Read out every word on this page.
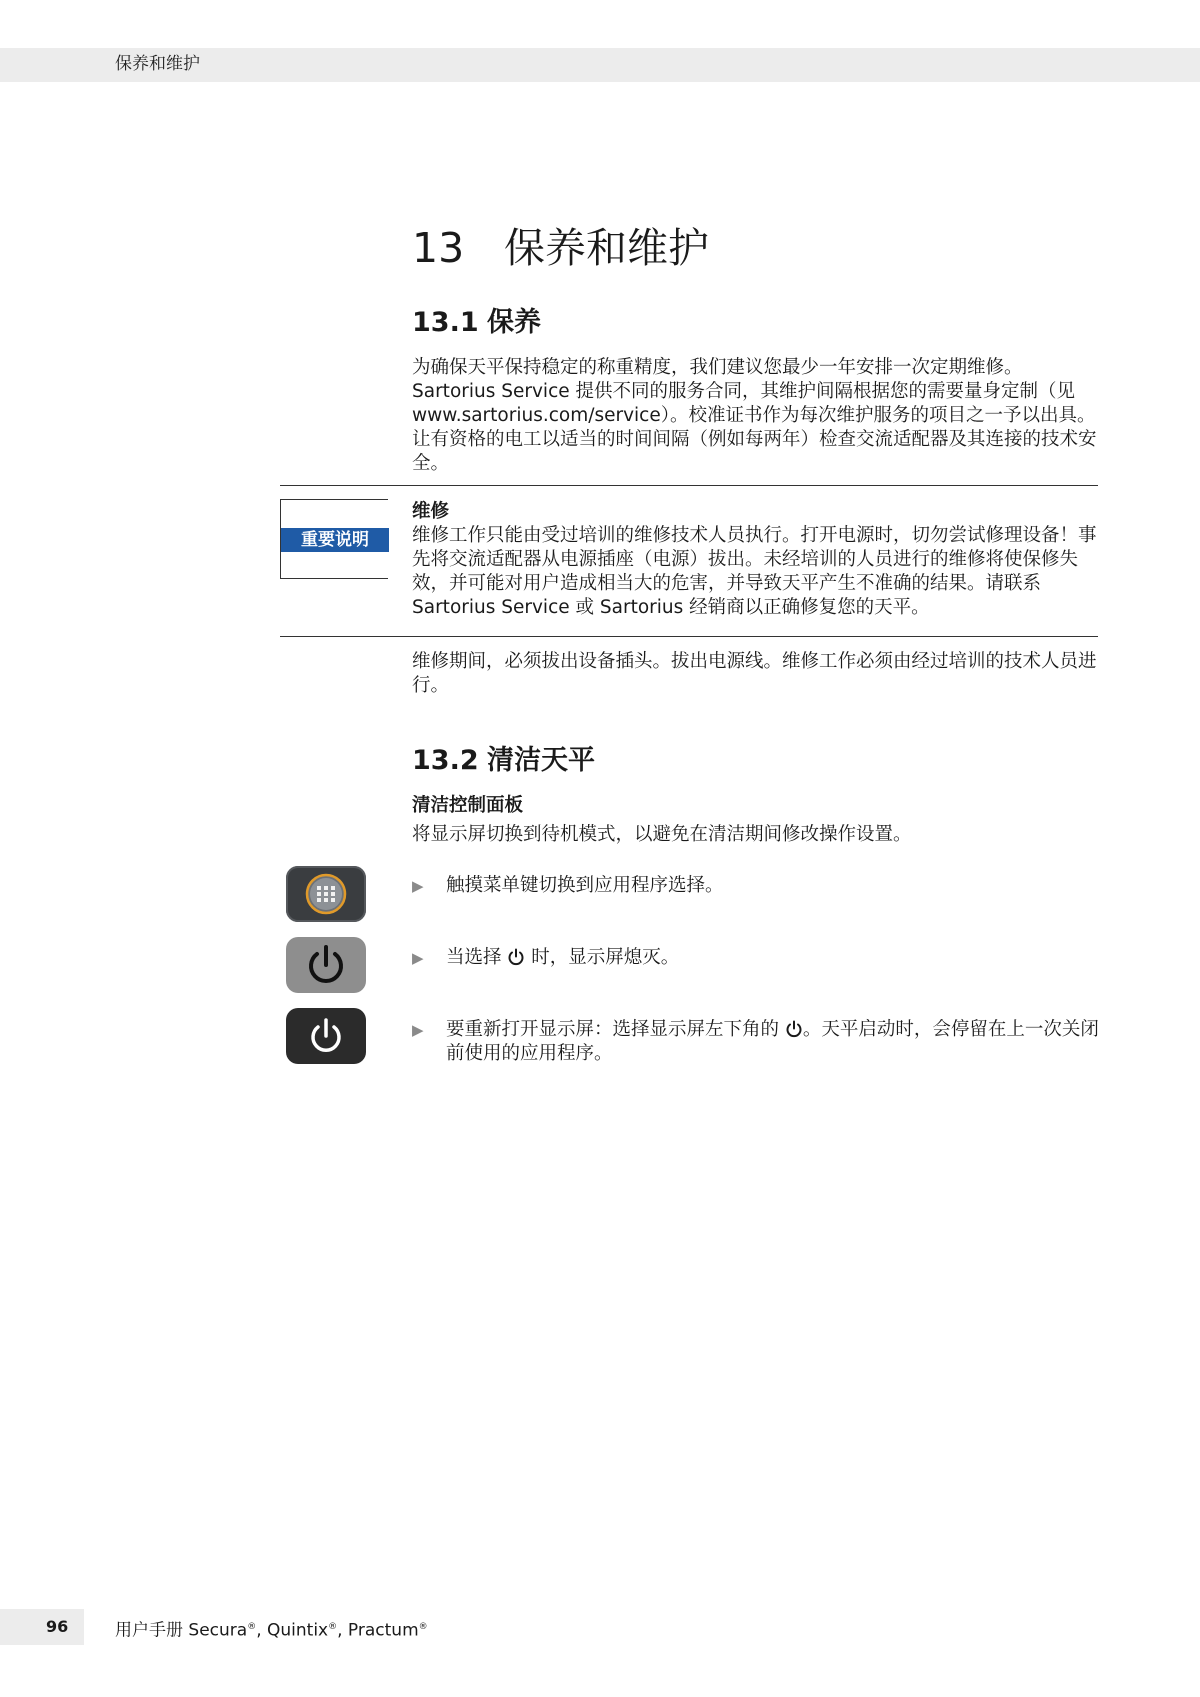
保养和维护
13 保养和维护
13.1 保养

为确保天平保持稳定的称重精度，我们建议您最少一年安排一次定期维修。Sartorius Service 提供不同的服务合同，其维护间隔根据您的需要量身定制（见 www.sartorius.com/service）。校准证书作为每次维护服务的项目之一予以出具。让有资格的电工以适当的时间间隔（例如每两年）检查交流适配器及其连接的技术安全。

重要说明
维修
维修工作只能由受过培训的维修技术人员执行。打开电源时，切勿尝试修理设备！事先将交流适配器从电源插座（电源）拔出。未经培训的人员进行的维修将使保修失效，并可能对用户造成相当大的危害，并导致天平产生不准确的结果。请联系 Sartorius Service 或 Sartorius 经销商以正确修复您的天平。

维修期间，必须拔出设备插头。拔出电源线。维修工作必须由经过培训的技术人员进行。

13.2 清洁天平
清洁控制面板

将显示屏切换到待机模式，以避免在清洁期间修改操作设置。

▶ 触摸菜单键切换到应用程序选择。
▶ 当选择 时，显示屏熄灭。
▶ 要重新打开显示屏：选择显示屏左下角的 。天平启动时，会停留在上一次关闭前使用的应用程序。
96	用户手册 Secura®, Quintix®, Practum®
